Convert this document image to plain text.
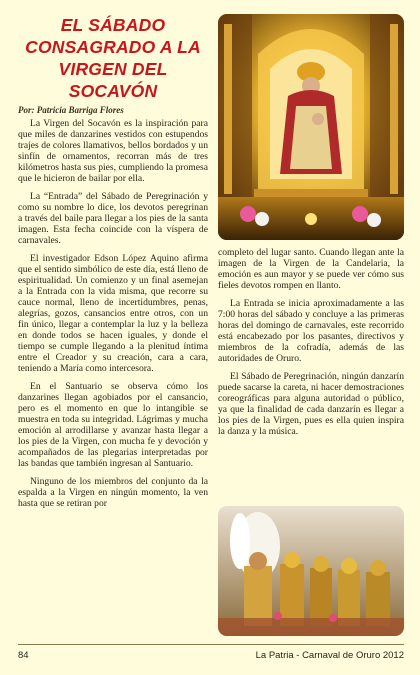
EL SÁBADO
CONSAGRADO A LA
VIRGEN DEL SOCAVÓN
Por: Patricia Barriga Flores

La Virgen del Socavón es la inspiración para que miles de danzarines vestidos con estupendos trajes de colores llamativos, bellos bordados y un sinfín de ornamentos, recorran más de tres kilómetros hasta sus pies, cumpliendo la promesa que le hicieron de bailar por ella.

La “Entrada” del Sábado de Peregrinación y como su nombre lo dice, los devotos peregrinan a través del baile para llegar a los pies de la santa imagen. Esta fecha coincide con la víspera de carnavales.

El investigador Edson López Aquino afirma que el sentido simbólico de este día, está lleno de espiritualidad. Un comienzo y un final asemejan a la Entrada con la vida misma, que recorre su cauce normal, lleno de incertidumbres, penas, alegrías, gozos, cansancios entre otros, con un fin único, llegar a contemplar la luz y la belleza en donde todos se hacen iguales, y donde el tiempo se cumple llegando a la plenitud íntima entre el Creador y su creación, cara a cara, teniendo a María como intercesora.

En el Santuario se observa cómo los danzarines llegan agobiados por el cansancio, pero es el momento en que lo intangible se muestra en toda su integridad. Lágrimas y mucha emoción al arrodillarse y avanzar hasta llegar a los pies de la Virgen, con mucha fe y devoción y acompañados de las plegarias interpretadas por las bandas que también ingresan al Santuario.

Ninguno de los miembros del conjunto da la espalda a la Virgen en ningún momento, la ven hasta que se retiran por

completo del lugar santo. Cuando llegan ante la imagen de la Virgen de la Candelaria, la emoción es aun mayor y se puede ver cómo sus fieles devotos rompen en llanto.

La Entrada se inicia aproximadamente a las 7:00 horas del sábado y concluye a las primeras horas del domingo de carnavales, este recorrido está encabezado por los pasantes, directivos y miembros de la cofradía, además de las autoridades de Oruro.

El Sábado de Peregrinación, ningún danzarín puede sacarse la careta, ni hacer demostraciones coreográficas para alguna autoridad o público, ya que la finalidad de cada danzarín es llegar a los pies de la Virgen, pues es ella quien inspira la danza y la música.

84	La Patria - Carnaval de Oruro 2012
